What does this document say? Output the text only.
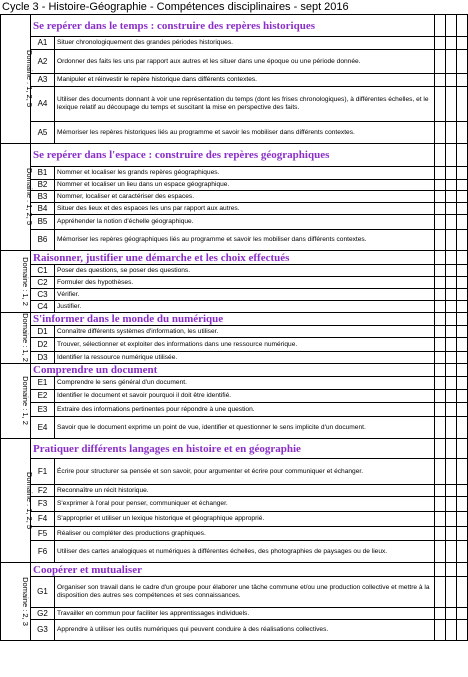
Cycle 3 - Histoire-Géographie - Compétences disciplinaires - sept 2016
Domaine : 1, 2, 5	Se repérer dans le temps : construire des repères historiques				
	A1	Situer chronologiquement des grandes périodes historiques.			
	A2	Ordonner des faits les uns par rapport aux autres et les situer dans une époque ou une période donnée.			
	A3	Manipuler et réinvestir le repère historique dans différents contextes.			
	A4	Utiliser des documents donnant à voir une représentation du temps (dont les frises chronologiques), à différentes échelles, et le lexique relatif au découpage du temps et suscitant la mise en perspective des faits.			
	A5	Mémoriser les repères historiques liés au programme et savoir les mobiliser dans différents contextes.			
Domaine : 1, 2, 5	Se repérer dans l'espace : construire des repères géographiques				
	B1	Nommer et localiser les grands repères géographiques.			
	B2	Nommer et localiser un lieu dans un espace géographique.			
	B3	Nommer, localiser et caractériser des espaces.			
	B4	Situer des lieux et des espaces les uns par rapport aux autres.			
	B5	Appréhender la notion d'échelle géographique.			
	B6	Mémoriser les repères géographiques liés au programme et savoir les mobiliser dans différents contextes.			
Domaine : 1, 2	Raisonner, justifier une démarche et les choix effectués				
	C1	Poser des questions, se poser des questions.			
	C2	Formuler des hypothèses.			
	C3	Vérifier.			
	C4	Justifier.			
Domaine : 1, 2	S'informer dans le monde du numérique				
	D1	Connaître différents systèmes d'information, les utiliser.			
	D2	Trouver, sélectionner et exploiter des informations dans une ressource numérique.			
	D3	Identifier la ressource numérique utilisée.			
Domaine : 1, 2	Comprendre un document				
	E1	Comprendre le sens général d'un document.			
	E2	Identifier le document et savoir pourquoi il doit être identifié.			
	E3	Extraire des informations pertinentes pour répondre à une question.			
	E4	Savoir que le document exprime un point de vue, identifier et questionner le sens implicite d'un document.			
Domaine : 1, 2, 5	Pratiquer différents langages en histoire et en géographie				
	F1	Écrire pour structurer sa pensée et son savoir, pour argumenter et écrire pour communiquer et échanger.			
	F2	Reconnaître un récit historique.			
	F3	S'exprimer à l'oral pour penser, communiquer et échanger.			
	F4	S'approprier et utiliser un lexique historique et géographique approprié.			
	F5	Réaliser ou compléter des productions graphiques.			
	F6	Utiliser des cartes analogiques et numériques à différentes échelles, des photographies de paysages ou de lieux.			
Domaine : 2, 3	Coopérer et mutualiser				
	G1	Organiser son travail dans le cadre d'un groupe pour élaborer une tâche commune et/ou une production collective et mettre à la disposition des autres ses compétences et ses connaissances.			
	G2	Travailler en commun pour faciliter les apprentissages individuels.			
	G3	Apprendre à utiliser les outils numériques qui peuvent conduire à des réalisations collectives.			
